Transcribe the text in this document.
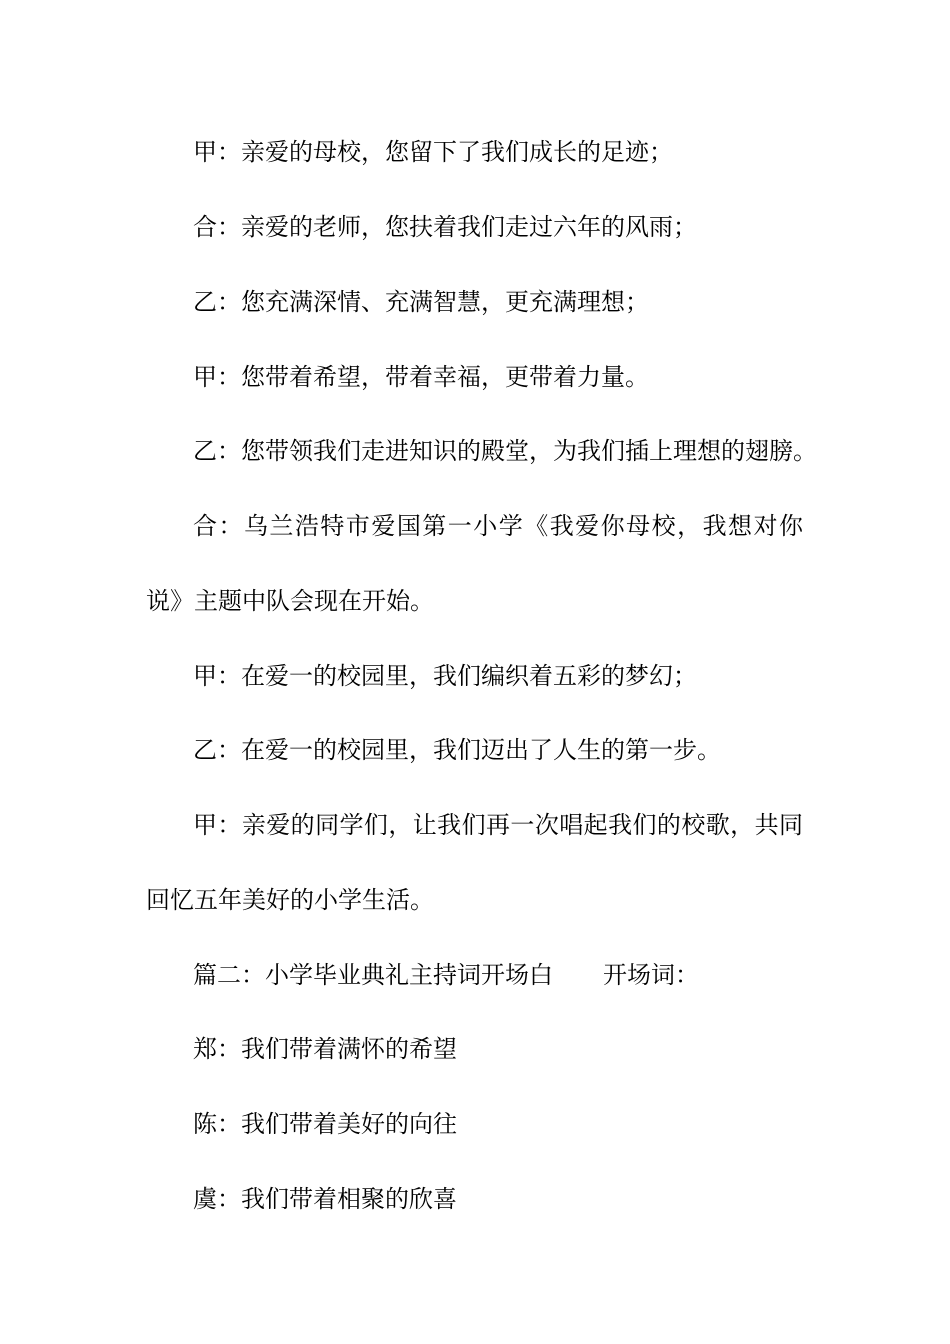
甲：亲爱的母校，您留下了我们成长的足迹；
合：亲爱的老师，您扶着我们走过六年的风雨；
乙：您充满深情、充满智慧，更充满理想；
甲：您带着希望，带着幸福，更带着力量。
乙：您带领我们走进知识的殿堂，为我们插上理想的翅膀。
合：乌兰浩特市爱国第一小学《我爱你母校，我想对你
说》主题中队会现在开始。
甲：在爱一的校园里，我们编织着五彩的梦幻；
乙：在爱一的校园里，我们迈出了人生的第一步。
甲：亲爱的同学们，让我们再一次唱起我们的校歌，共同
回忆五年美好的小学生活。
篇二：小学毕业典礼主持词开场白 开场词：
郑：我们带着满怀的希望
陈：我们带着美好的向往
虞：我们带着相聚的欣喜
